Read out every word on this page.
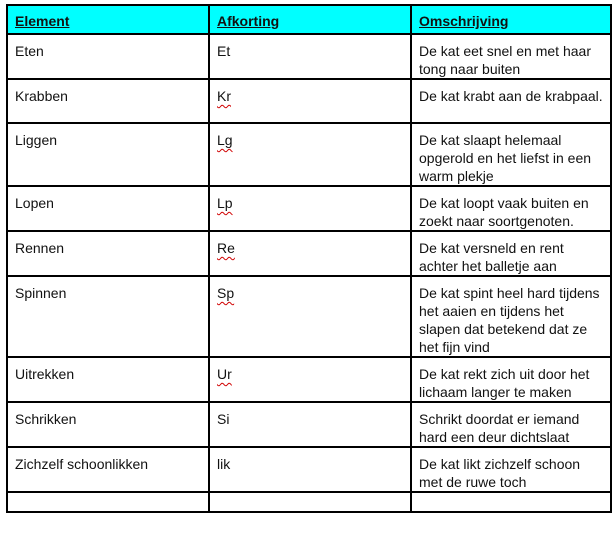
Element	Afkorting	Omschrijving
Eten	Et	De kat eet snel en met haar tong naar buiten
Krabben	Kr	De kat krabt aan de krabpaal.
Liggen	Lg	De kat slaapt helemaal opgerold en het liefst in een warm plekje
Lopen	Lp	De kat loopt vaak buiten en zoekt naar soortgenoten.
Rennen	Re	De kat versneld en rent achter het balletje aan
Spinnen	Sp	De kat spint heel hard tijdens het aaien en tijdens het slapen dat betekend dat ze het fijn vind
Uitrekken	Ur	De kat rekt zich uit door het lichaam langer te maken
Schrikken	Si	Schrikt doordat er iemand hard een deur dichtslaat
Zichzelf schoonlikken	lik	De kat likt zichzelf schoon met de ruwe toch
